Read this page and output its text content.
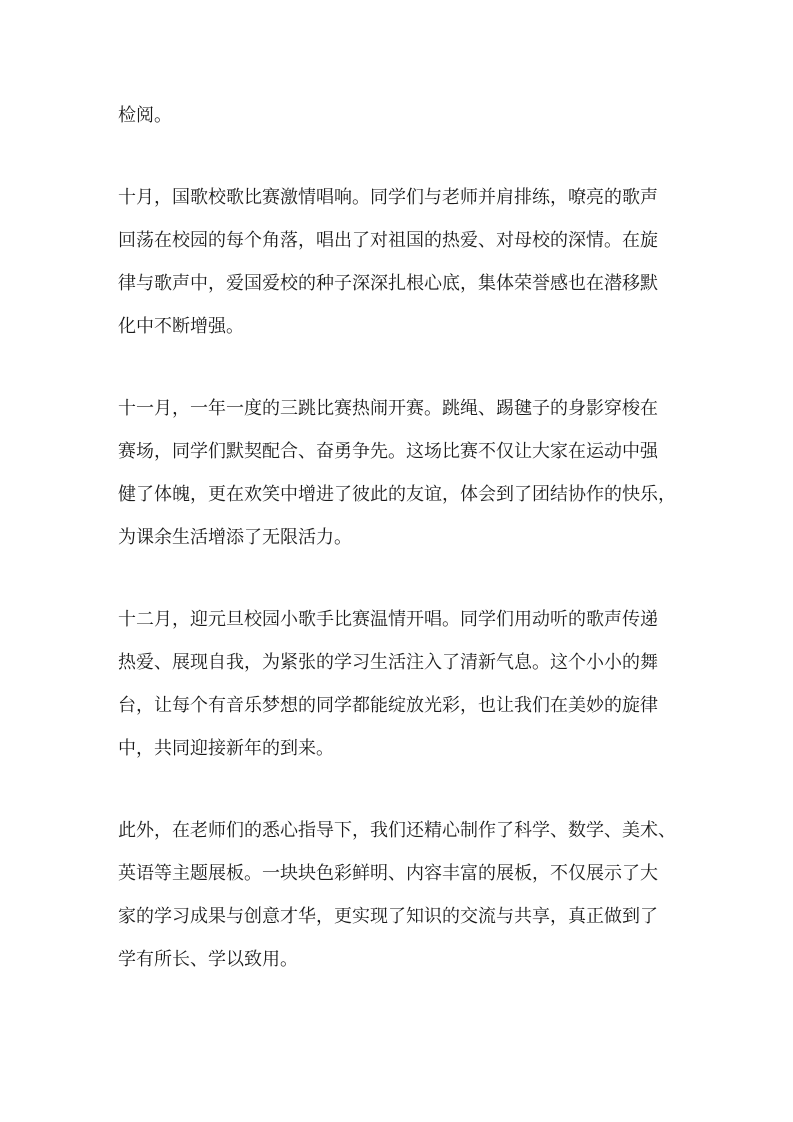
检阅。

十月，国歌校歌比赛激情唱响。同学们与老师并肩排练，嘹亮的歌声

回荡在校园的每个角落，唱出了对祖国的热爱、对母校的深情。在旋

律与歌声中，爱国爱校的种子深深扎根心底，集体荣誉感也在潜移默

化中不断增强。

十一月，一年一度的三跳比赛热闹开赛。跳绳、踢毽子的身影穿梭在

赛场，同学们默契配合、奋勇争先。这场比赛不仅让大家在运动中强

健了体魄，更在欢笑中增进了彼此的友谊，体会到了团结协作的快乐，

为课余生活增添了无限活力。

十二月，迎元旦校园小歌手比赛温情开唱。同学们用动听的歌声传递

热爱、展现自我，为紧张的学习生活注入了清新气息。这个小小的舞

台，让每个有音乐梦想的同学都能绽放光彩，也让我们在美妙的旋律

中，共同迎接新年的到来。

此外，在老师们的悉心指导下，我们还精心制作了科学、数学、美术、

英语等主题展板。一块块色彩鲜明、内容丰富的展板，不仅展示了大

家的学习成果与创意才华，更实现了知识的交流与共享，真正做到了

学有所长、学以致用。
